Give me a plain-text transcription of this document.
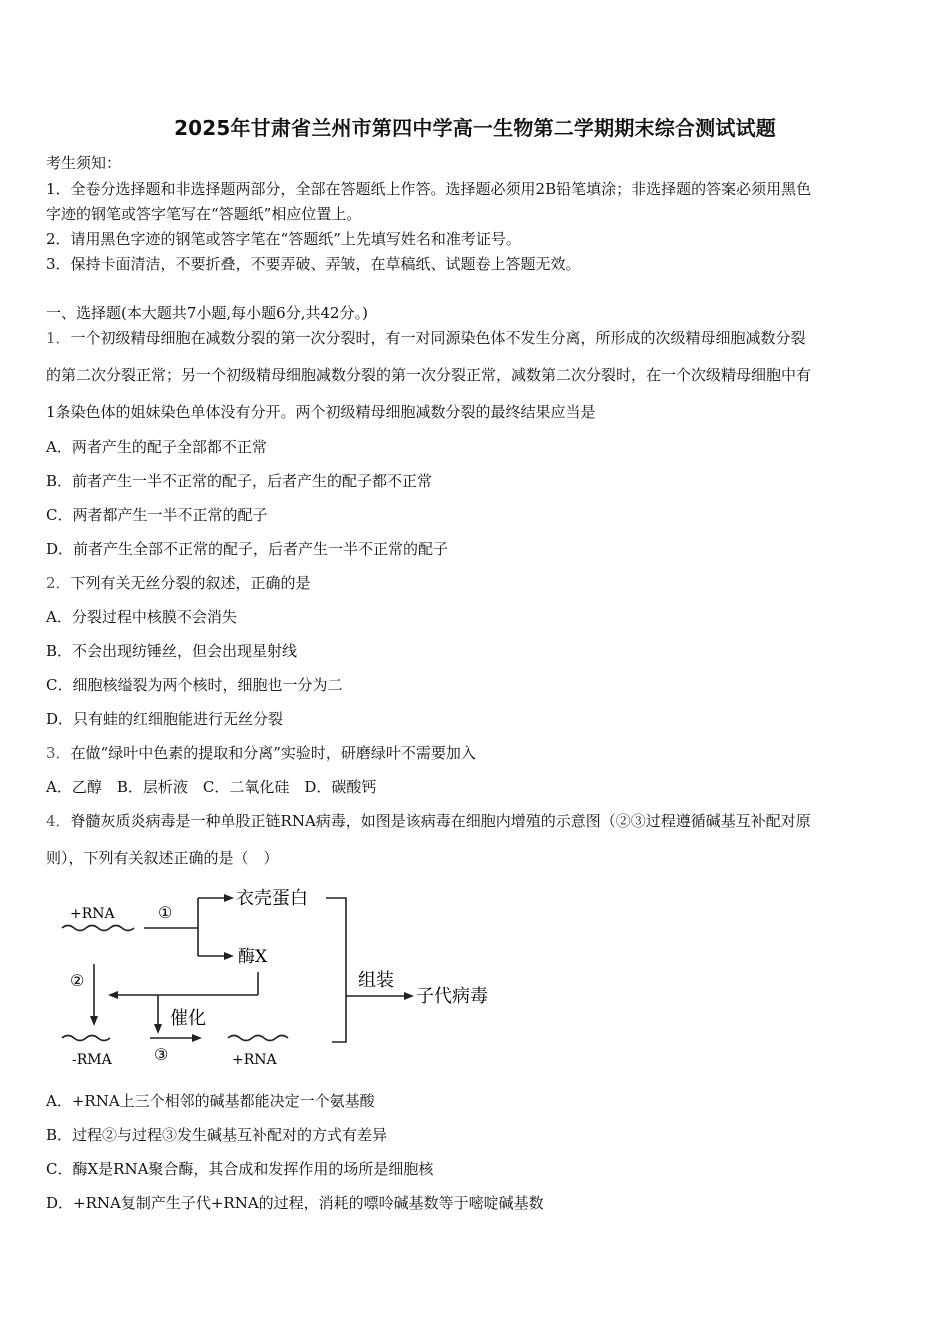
2025年甘肃省兰州市第四中学高一生物第二学期期末综合测试试题
考生须知：
1．全卷分选择题和非选择题两部分，全部在答题纸上作答。选择题必须用2B铅笔填涂；非选择题的答案必须用黑色
字迹的钢笔或答字笔写在“答题纸”相应位置上。
2．请用黑色字迹的钢笔或答字笔在“答题纸”上先填写姓名和准考证号。
3．保持卡面清洁，不要折叠，不要弄破、弄皱，在草稿纸、试题卷上答题无效。
一、选择题(本大题共7小题,每小题6分,共42分。)
1．一个初级精母细胞在减数分裂的第一次分裂时，有一对同源染色体不发生分离，所形成的次级精母细胞减数分裂
的第二次分裂正常；另一个初级精母细胞减数分裂的第一次分裂正常，减数第二次分裂时，在一个次级精母细胞中有
1条染色体的姐妹染色单体没有分开。两个初级精母细胞减数分裂的最终结果应当是
A．两者产生的配子全部都不正常
B．前者产生一半不正常的配子，后者产生的配子都不正常
C．两者都产生一半不正常的配子
D．前者产生全部不正常的配子，后者产生一半不正常的配子
2．下列有关无丝分裂的叙述，正确的是
A．分裂过程中核膜不会消失
B．不会出现纺锤丝，但会出现星射线
C．细胞核缢裂为两个核时，细胞也一分为二
D．只有蛙的红细胞能进行无丝分裂
3．在做“绿叶中色素的提取和分离”实验时，研磨绿叶不需要加入
A．乙醇　B．层析液　C．二氧化硅　D．碳酸钙
4．脊髓灰质炎病毒是一种单股正链RNA病毒，如图是该病毒在细胞内增殖的示意图（②③过程遵循碱基互补配对原
则），下列有关叙述正确的是（　）
+RNA	①
衣壳蛋白
酶X
②	组装
子代病毒
催化
-RMA	③	+RNA
A．+RNA上三个相邻的碱基都能决定一个氨基酸
B．过程②与过程③发生碱基互补配对的方式有差异
C．酶X是RNA聚合酶，其合成和发挥作用的场所是细胞核
D．+RNA复制产生子代+RNA的过程，消耗的嘌呤碱基数等于嘧啶碱基数
